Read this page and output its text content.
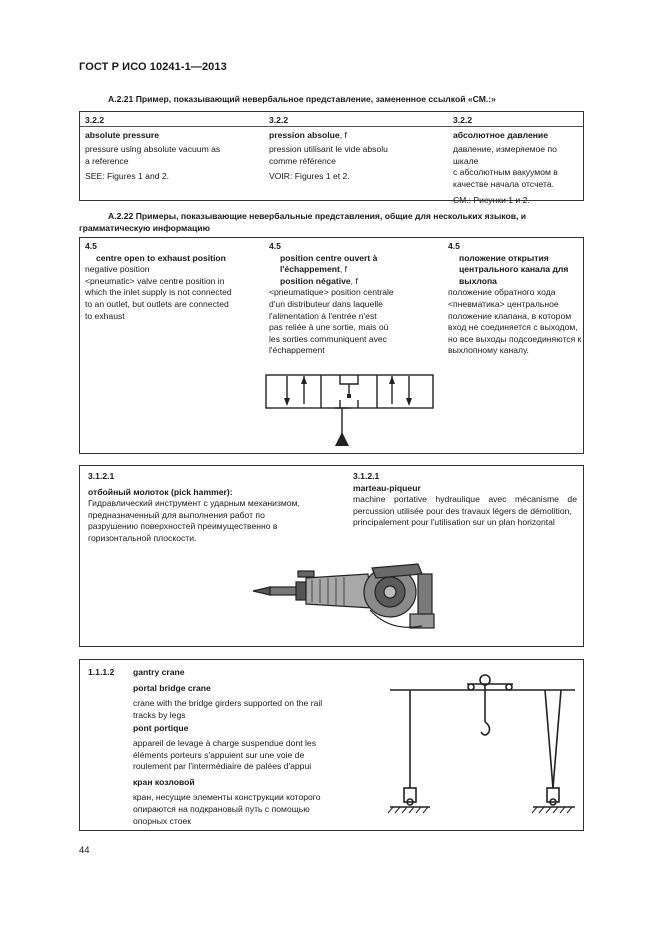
ГОСТ Р ИСО 10241-1—2013
А.2.21 Пример, показывающий невербальное представление, замененное ссылкой «СМ.:»
3.2.2
absolute pressure
pressure using absolute vacuum as
a reference
SEE: Figures 1 and 2.
3.2.2
pression absolue, f
pression utilisant le vide absolu
comme référence
VOIR: Figures 1 et 2.
3.2.2
абсолютное давление
давление, измеряемое по шкале
с абсолютным вакуумом в
качестве начала отсчета.
СМ.: Рисунки 1 и 2.
А.2.22 Примеры, показывающие невербальные представления, общие для нескольких языков, и
грамматическую информацию
4.5
centre open to exhaust position
negative position
<pneumatic> valve centre position in
which the inlet supply is not connected
to an outlet, but outlets are connected
to exhaust
4.5
position centre ouvert à
l'échappement, f
position négative, f
<pneumatique> position centrale
d'un distributeur dans laquelle
l'alimentation à l'entrée n'est
pas reliée à une sortie, mais où
les sorties communiquent avec
l'échappement
4.5
положение открытия
центрального канала для
выхлопа
положение обратного хода
<пневматика> центральное
положение клапана, в котором
вход не соединяется с выходом,
но все выходы подсоединяются к
выхлопному каналу.
3.1.2.1
отбойный молоток (pick hammer):
Гидравлический инструмент с ударным механизмом,
предназначенный для выполнения работ по
разрушению поверхностей преимущественно в
горизонтальной плоскости.
3.1.2.1
marteau-piqueur
machine portative hydraulique avec mécanisme de
percussion utilisée pour des travaux légers de démolition,
principalement pour l'utilisation sur un plan horizontal
1.1.1.2 gantry crane
portal bridge crane
crane with the bridge girders supported on the rail
tracks by legs
pont portique
appareil de levage à charge suspendue dont les
éléments porteurs s'appuient sur une voie de
roulement par l'intermédiaire de palées d'appui
кран козловой
кран, несущие элементы конструкции которого
опираются на подкрановый путь с помощью
опорных стоек
44
